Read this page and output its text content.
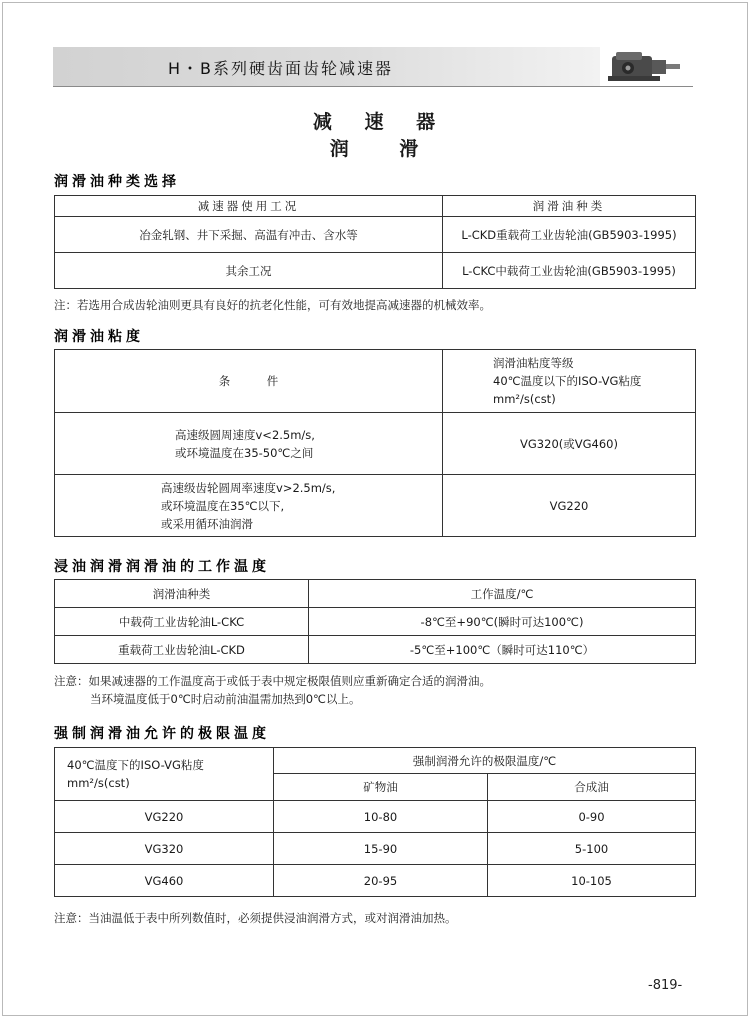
H・B系列硬齿面齿轮减速器
减 速 器
润 滑
润滑油种类选择
减速器使用工况	润滑油种类
冶金轧钢、井下采掘、高温有冲击、含水等	L-CKD重载荷工业齿轮油(GB5903-1995)
其余工况	L-CKC中载荷工业齿轮油(GB5903-1995)
注：若选用合成齿轮油则更具有良好的抗老化性能，可有效地提高减速器的机械效率。
润滑油粘度
条          件	润滑油粘度等级
40℃温度以下的ISO-VG粘度
mm²/s(cst)

高速级圆周速度v<2.5m/s,
或环境温度在35-50℃之间	VG320(或VG460)

高速级齿轮圆周率速度v>2.5m/s,
或环境温度在35℃以下,
或采用循环油润滑	VG220
浸油润滑润滑油的工作温度
润滑油种类	工作温度/℃
中载荷工业齿轮油L-CKC	-8℃至+90℃(瞬时可达100℃)
重载荷工业齿轮油L-CKD	-5℃至+100℃（瞬时可达110℃）
注意：如果减速器的工作温度高于或低于表中规定极限值则应重新确定合适的润滑油。
当环境温度低于0℃时启动前油温需加热到0℃以上。
强制润滑油允许的极限温度
40℃温度下的ISO-VG粘度
mm²/s(cst)	强制润滑允许的极限温度/℃	
	矿物油	合成油
VG220	10-80	0-90
VG320	15-90	5-100
VG460	20-95	10-105
注意：当油温低于表中所列数值时，必须提供浸油润滑方式，或对润滑油加热。
-819-
